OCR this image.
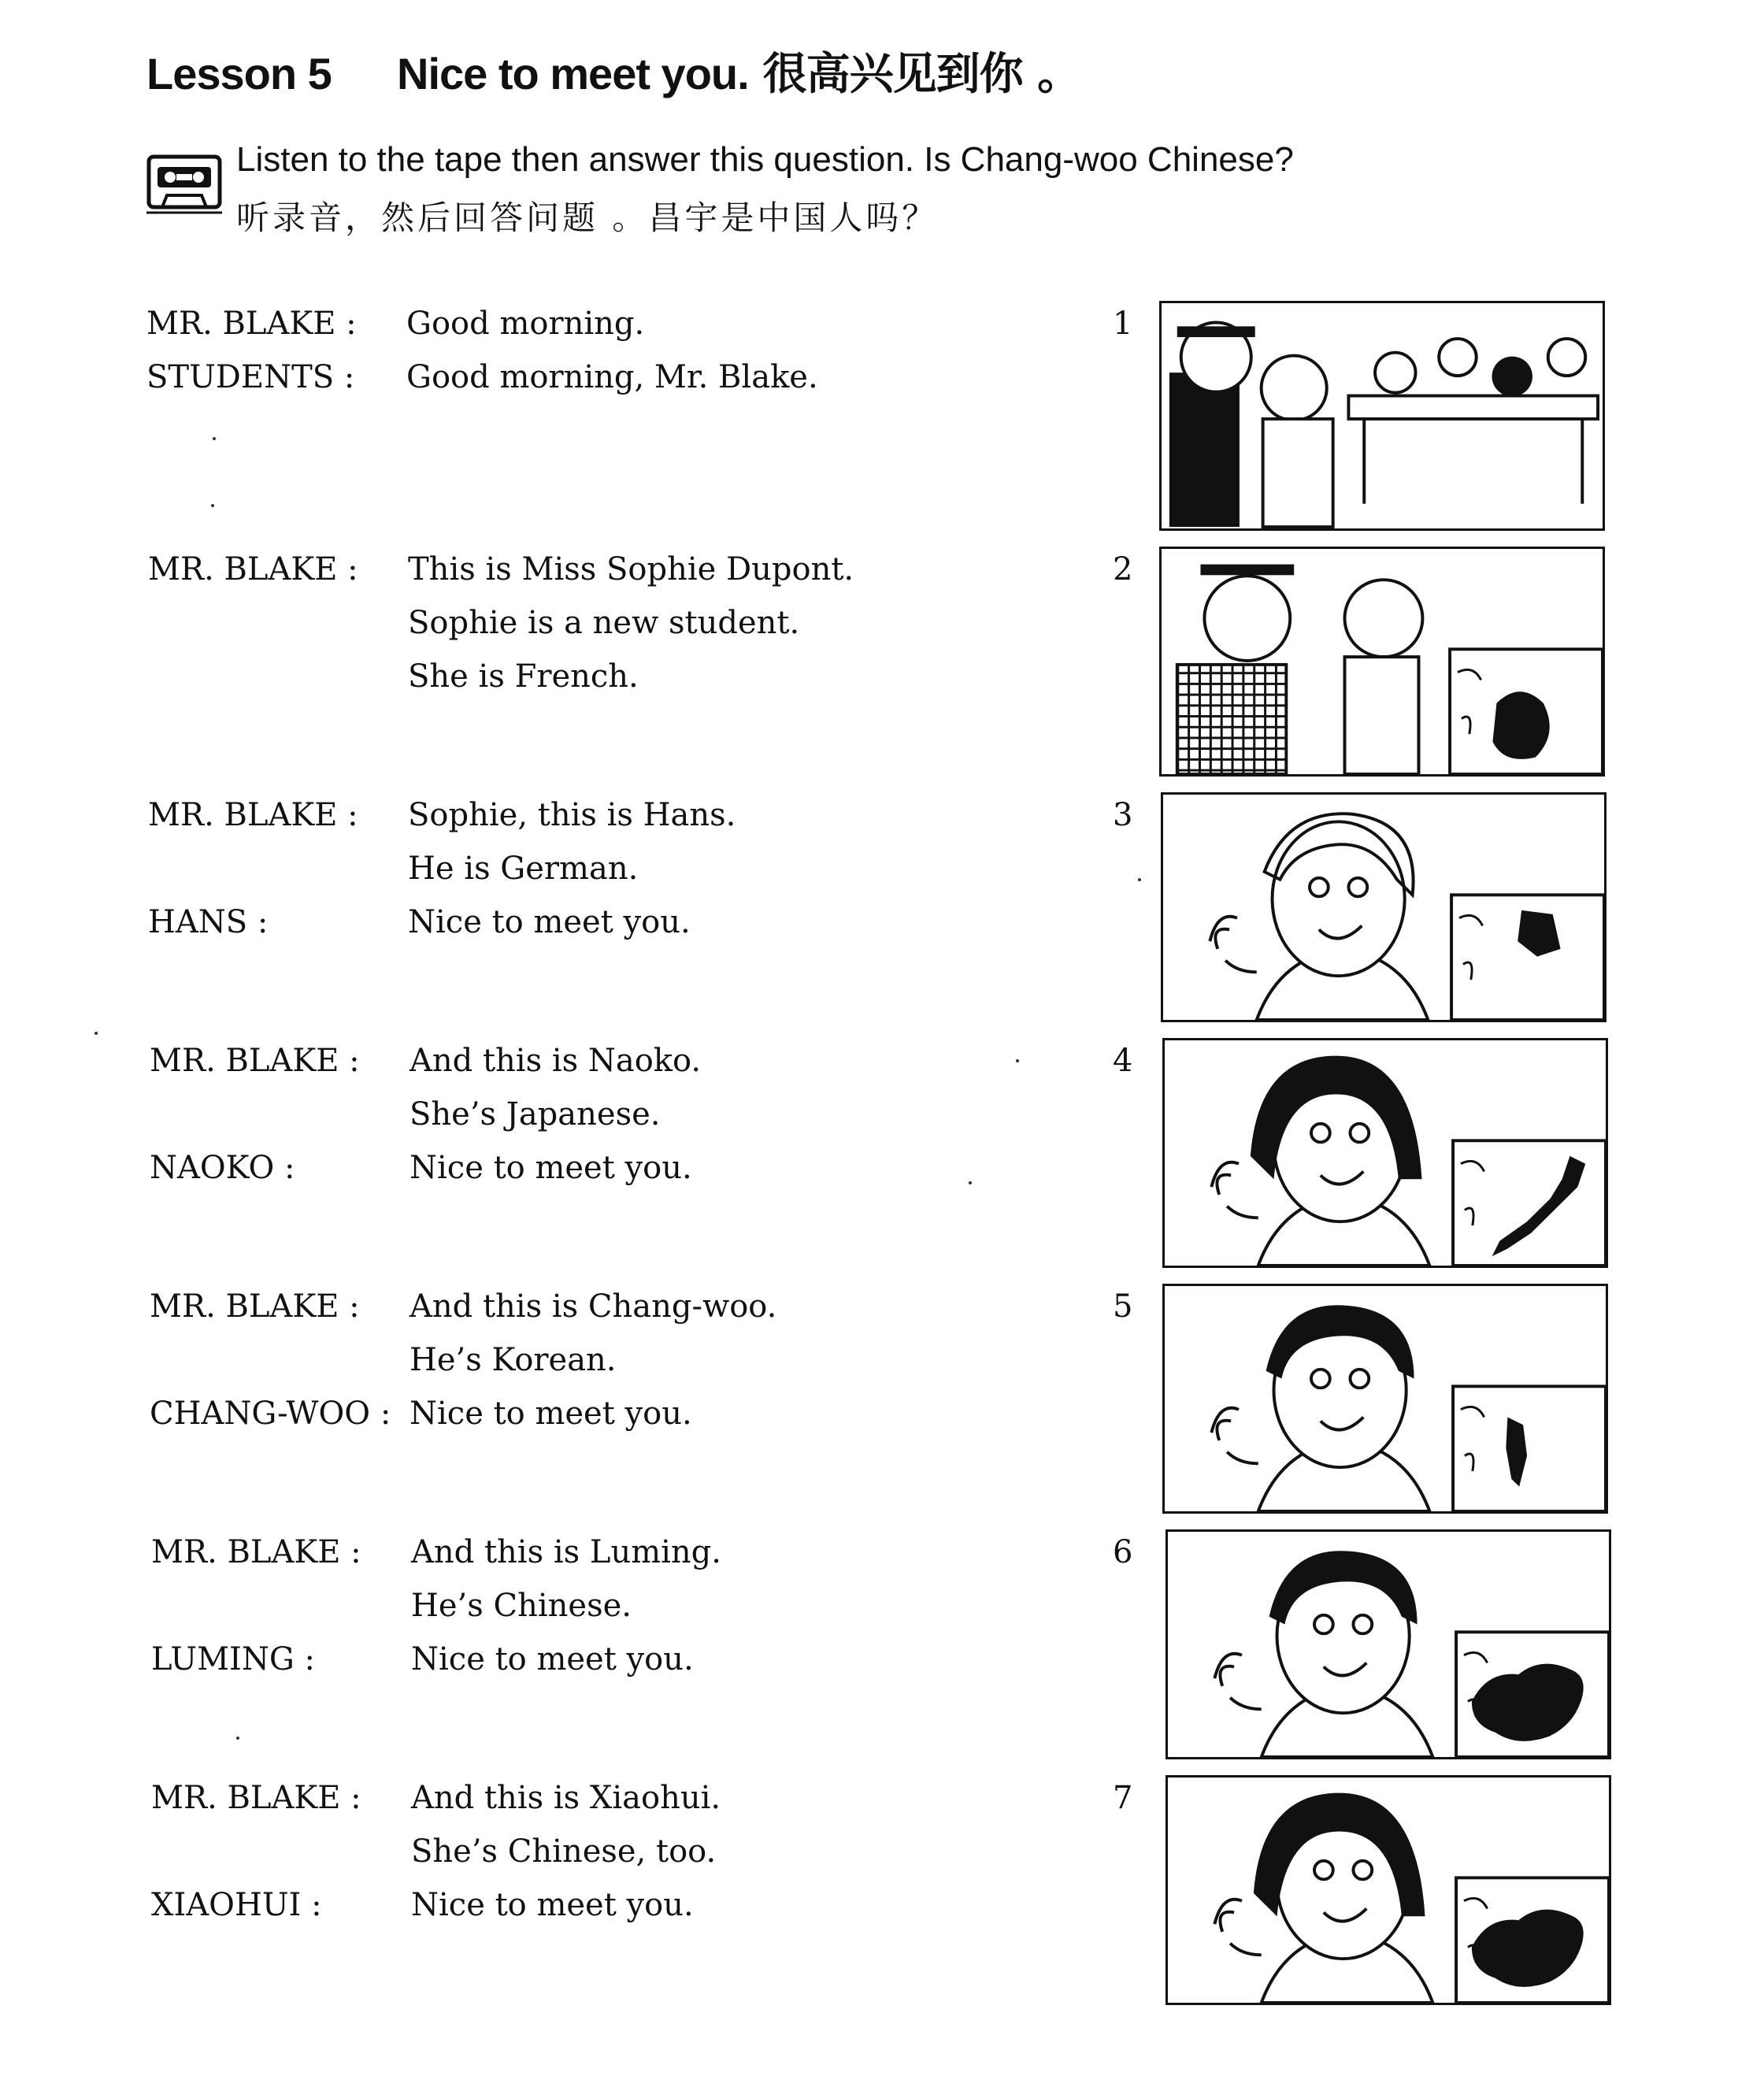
Lesson 5 Nice to meet you. 很高兴见到你 。
Listen to the tape then answer this question. Is Chang-woo Chinese?
听录音，然后回答问题 。昌宇是中国人吗？
MR. BLAKE : Good morning.
STUDENTS : Good morning, Mr. Blake.
1
MR. BLAKE : This is Miss Sophie Dupont.
Sophie is a new student.
She is French.
2
MR. BLAKE : Sophie, this is Hans.
He is German.
HANS :	Nice to meet you.
3
MR. BLAKE : And this is Naoko.
She’s Japanese.
NAOKO :	Nice to meet you.
4
MR. BLAKE : And this is Chang-woo.
He’s Korean.
CHANG-WOO : Nice to meet you.
5
MR. BLAKE : And this is Luming.
He’s Chinese.
LUMING :	Nice to meet you.
6
MR. BLAKE : And this is Xiaohui.
She’s Chinese, too.
XIAOHUI :	Nice to meet you.
7
